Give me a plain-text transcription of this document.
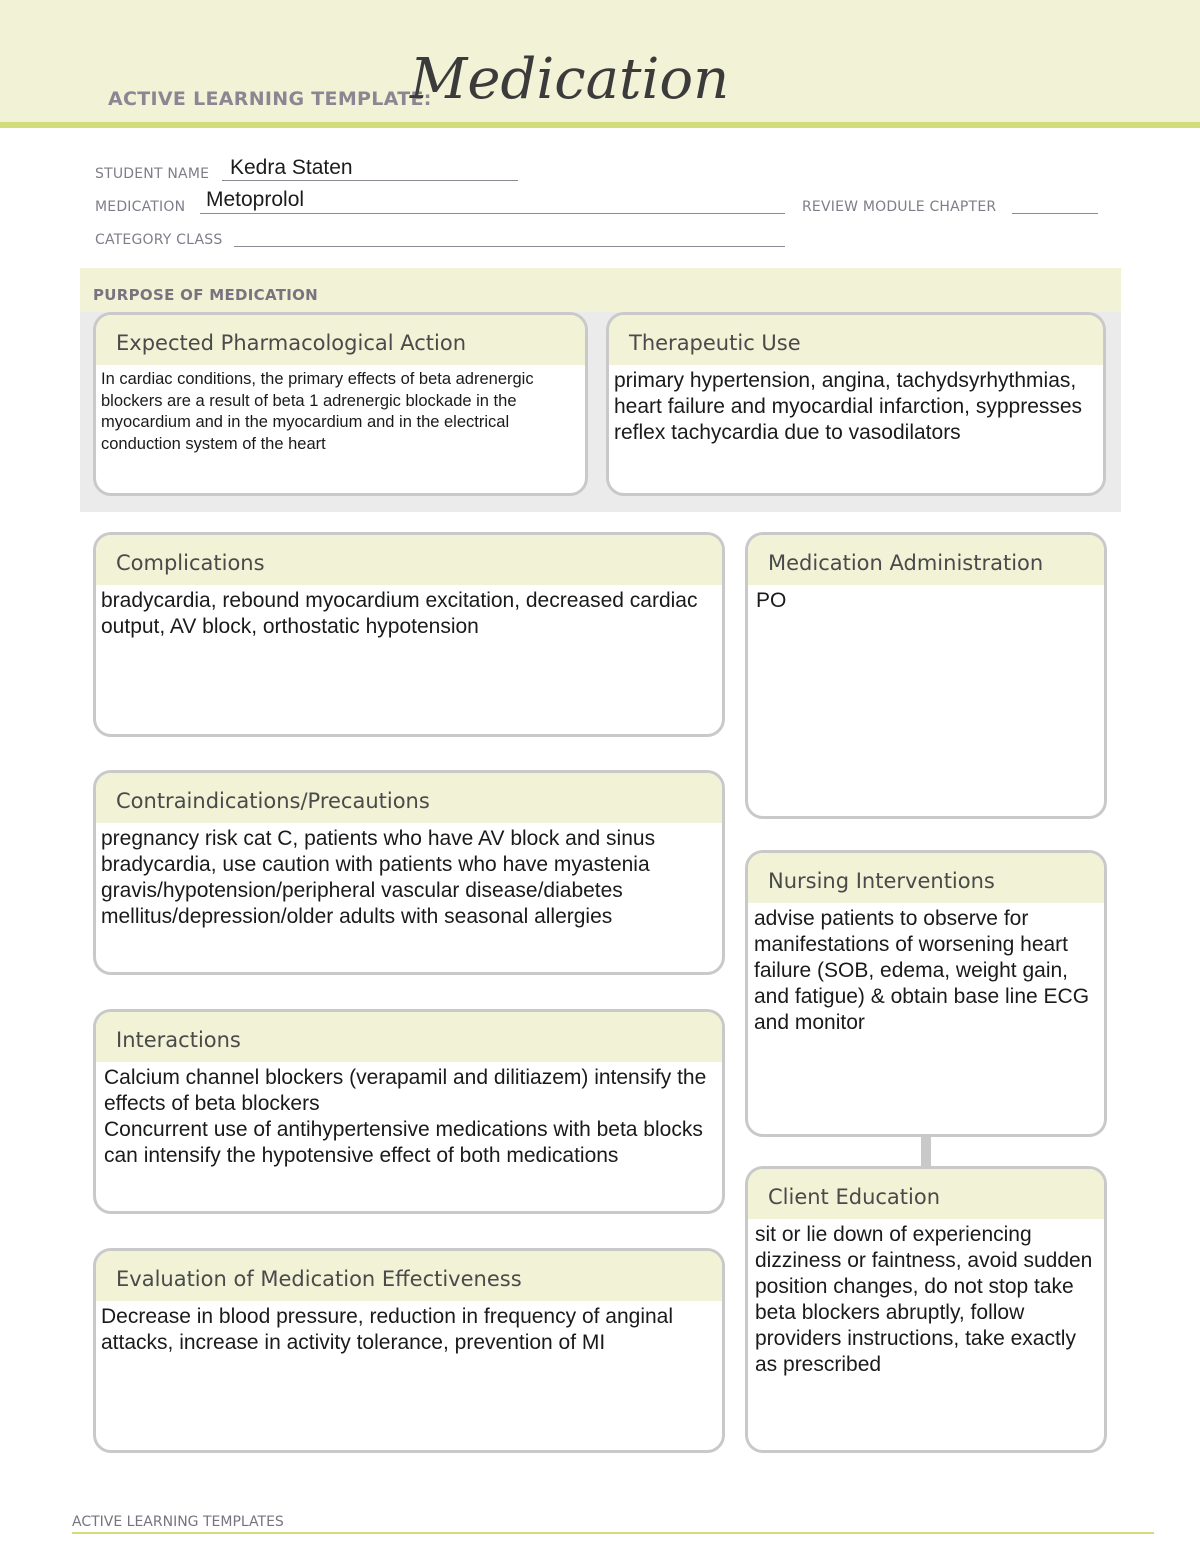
ACTIVE LEARNING TEMPLATE:
Medication
STUDENT NAME Kedra Staten
MEDICATION Metoprolol	REVIEW MODULE CHAPTER
CATEGORY CLASS
PURPOSE OF MEDICATION
Expected Pharmacological Action
In cardiac conditions, the primary effects of beta adrenergic blockers are a result of beta 1 adrenergic blockade in the myocardium and in the myocardium and in the electrical conduction system of the heart
Therapeutic Use
primary hypertension, angina, tachydsyrhythmias, heart failure and myocardial infarction, syppresses reflex tachycardia due to vasodilators
Complications
bradycardia, rebound myocardium excitation, decreased cardiac output, AV block, orthostatic hypotension
Contraindications/Precautions
pregnancy risk cat C, patients who have AV block and sinus bradycardia, use caution with patients who have myastenia gravis/hypotension/peripheral vascular disease/diabetes mellitus/depression/older adults with seasonal allergies
Interactions
Calcium channel blockers (verapamil and dilitiazem) intensify the effects of beta blockers
Concurrent use of antihypertensive medications with beta blocks can intensify the hypotensive effect of both medications
Evaluation of Medication Effectiveness
Decrease in blood pressure, reduction in frequency of anginal attacks, increase in activity tolerance, prevention of MI
Medication Administration
PO
Nursing Interventions
advise patients to observe for manifestations of worsening heart failure (SOB, edema, weight gain, and fatigue) & obtain base line ECG and monitor
Client Education
sit or lie down of experiencing dizziness or faintness, avoid sudden position changes, do not stop take beta blockers abruptly, follow providers instructions, take exactly as prescribed
ACTIVE LEARNING TEMPLATES
